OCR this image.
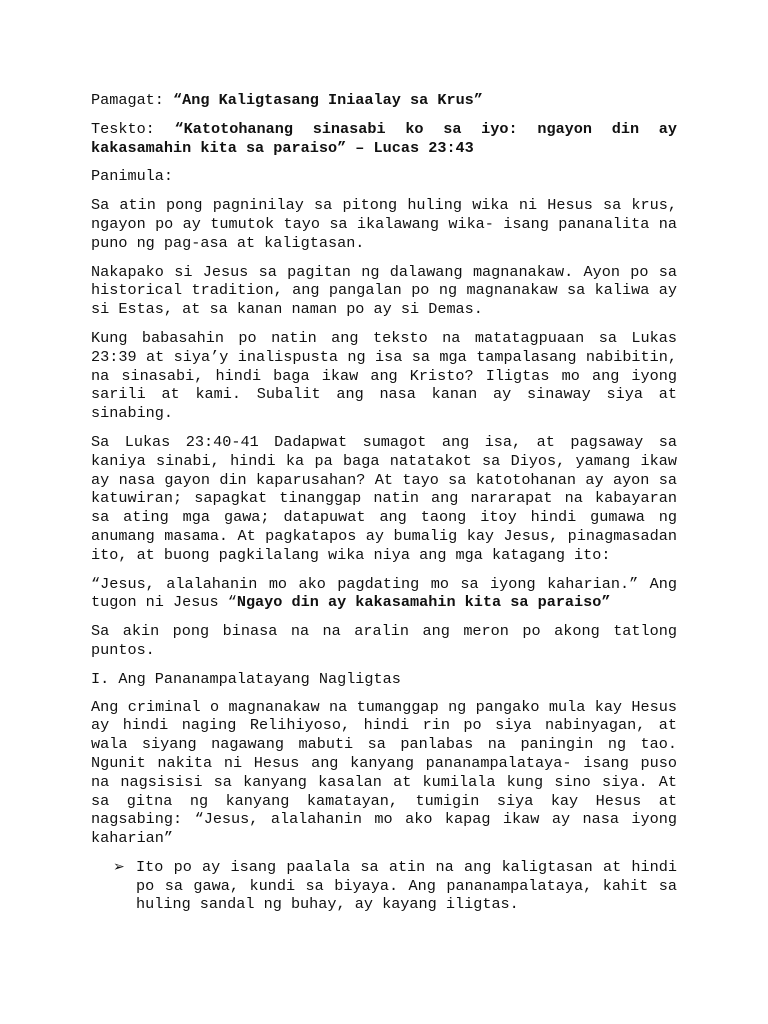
Pamagat: “Ang Kaligtasang Iniaalay sa Krus”

Teskto: “Katotohanang sinasabi ko sa iyo: ngayon din ay kakasamahin kita sa paraiso” – Lucas 23:43

Panimula:

Sa atin pong pagninilay sa pitong huling wika ni Hesus sa krus, ngayon po ay tumutok tayo sa ikalawang wika- isang pananalita na puno ng pag-asa at kaligtasan.

Nakapako si Jesus sa pagitan ng dalawang magnanakaw. Ayon po sa historical tradition, ang pangalan po ng magnanakaw sa kaliwa ay si Estas, at sa kanan naman po ay si Demas.

Kung babasahin po natin ang teksto na matatagpuaan sa Lukas 23:39 at siya’y inalispusta ng isa sa mga tampalasang nabibitin, na sinasabi, hindi baga ikaw ang Kristo? Iligtas mo ang iyong sarili at kami. Subalit ang nasa kanan ay sinaway siya at sinabing.

Sa Lukas 23:40-41 Dadapwat sumagot ang isa, at pagsaway sa kaniya sinabi, hindi ka pa baga natatakot sa Diyos, yamang ikaw ay nasa gayon din kaparusahan? At tayo sa katotohanan ay ayon sa katuwiran; sapagkat tinanggap natin ang nararapat na kabayaran sa ating mga gawa; datapuwat ang taong itoy hindi gumawa ng anumang masama. At pagkatapos ay bumalig kay Jesus, pinagmasadan ito, at buong pagkilalang wika niya ang mga katagang ito:

“Jesus, alalahanin mo ako pagdating mo sa iyong kaharian.” Ang tugon ni Jesus “Ngayo din ay kakasamahin kita sa paraiso”

Sa akin pong binasa na na aralin ang meron po akong tatlong puntos.

I. Ang Pananampalatayang Nagligtas

Ang criminal o magnanakaw na tumanggap ng pangako mula kay Hesus ay hindi naging Relihiyoso, hindi rin po siya nabinyagan, at wala siyang nagawang mabuti sa panlabas na paningin ng tao. Ngunit nakita ni Hesus ang kanyang pananampalataya- isang puso na nagsisisi sa kanyang kasalan at kumilala kung sino siya. At sa gitna ng kanyang kamatayan, tumigin siya kay Hesus at nagsabing: “Jesus, alalahanin mo ako kapag ikaw ay nasa iyong kaharian”

➢ Ito po ay isang paalala sa atin na ang kaligtasan at hindi po sa gawa, kundi sa biyaya. Ang pananampalataya, kahit sa huling sandal ng buhay, ay kayang iligtas.
